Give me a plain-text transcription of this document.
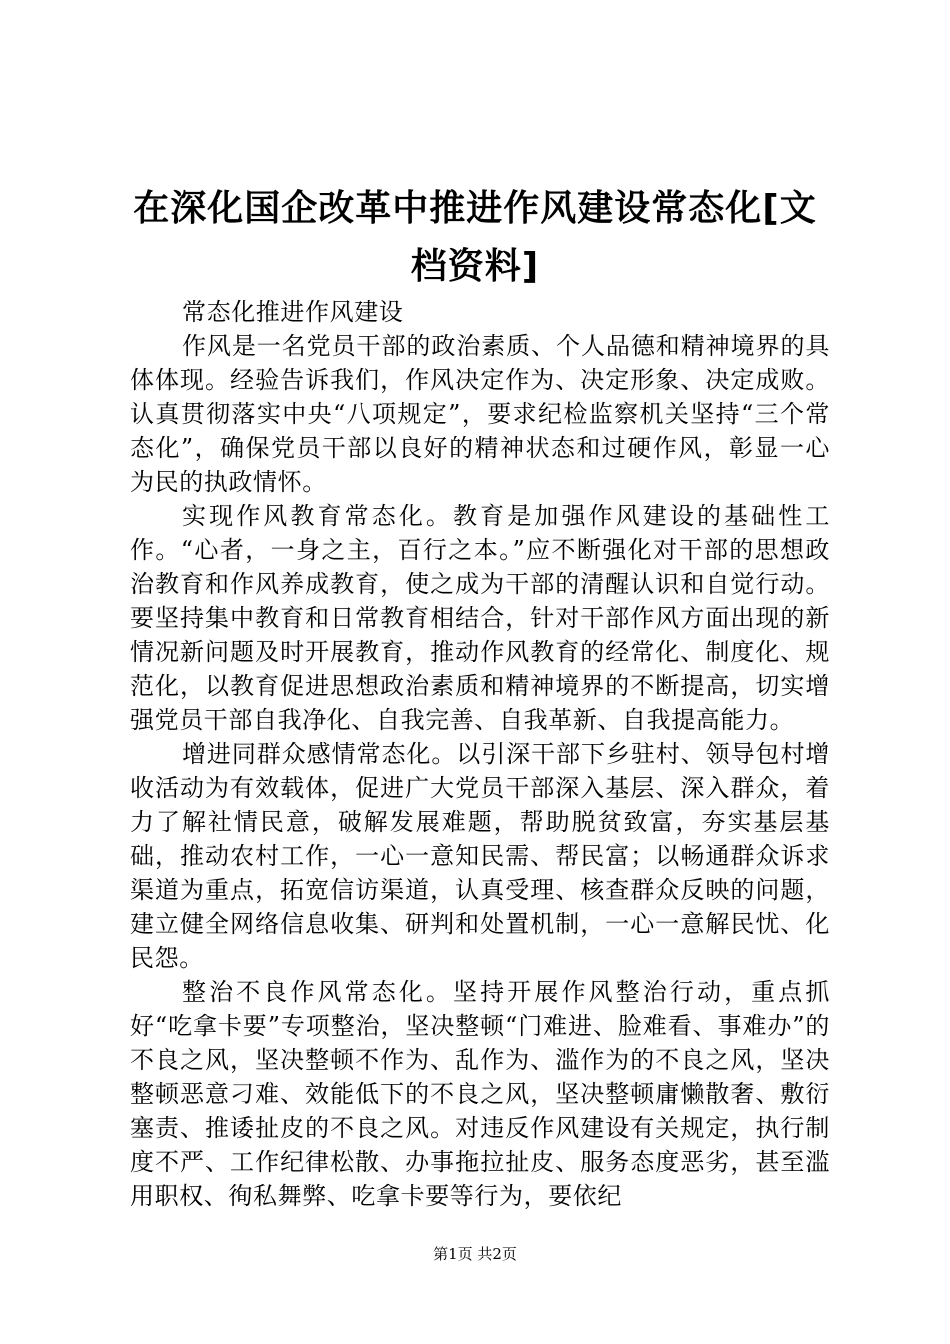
在深化国企改革中推进作风建设常态化[文档资料]

常态化推进作风建设

作风是一名党员干部的政治素质、个人品德和精神境界的具体体现。经验告诉我们，作风决定作为、决定形象、决定成败。认真贯彻落实中央“八项规定”，要求纪检监察机关坚持“三个常态化”，确保党员干部以良好的精神状态和过硬作风，彰显一心为民的执政情怀。

实现作风教育常态化。教育是加强作风建设的基础性工作。“心者，一身之主，百行之本。”应不断强化对干部的思想政治教育和作风养成教育，使之成为干部的清醒认识和自觉行动。要坚持集中教育和日常教育相结合，针对干部作风方面出现的新情况新问题及时开展教育，推动作风教育的经常化、制度化、规范化，以教育促进思想政治素质和精神境界的不断提高，切实增强党员干部自我净化、自我完善、自我革新、自我提高能力。

增进同群众感情常态化。以引深干部下乡驻村、领导包村增收活动为有效载体，促进广大党员干部深入基层、深入群众，着力了解社情民意，破解发展难题，帮助脱贫致富，夯实基层基础，推动农村工作，一心一意知民需、帮民富；以畅通群众诉求渠道为重点，拓宽信访渠道，认真受理、核查群众反映的问题，建立健全网络信息收集、研判和处置机制，一心一意解民忧、化民怨。

整治不良作风常态化。坚持开展作风整治行动，重点抓好“吃拿卡要”专项整治，坚决整顿“门难进、脸难看、事难办”的不良之风，坚决整顿不作为、乱作为、滥作为的不良之风，坚决整顿恶意刁难、效能低下的不良之风，坚决整顿庸懒散奢、敷衍塞责、推诿扯皮的不良之风。对违反作风建设有关规定，执行制度不严、工作纪律松散、办事拖拉扯皮、服务态度恶劣，甚至滥用职权、徇私舞弊、吃拿卡要等行为，要依纪

第1页 共2页
